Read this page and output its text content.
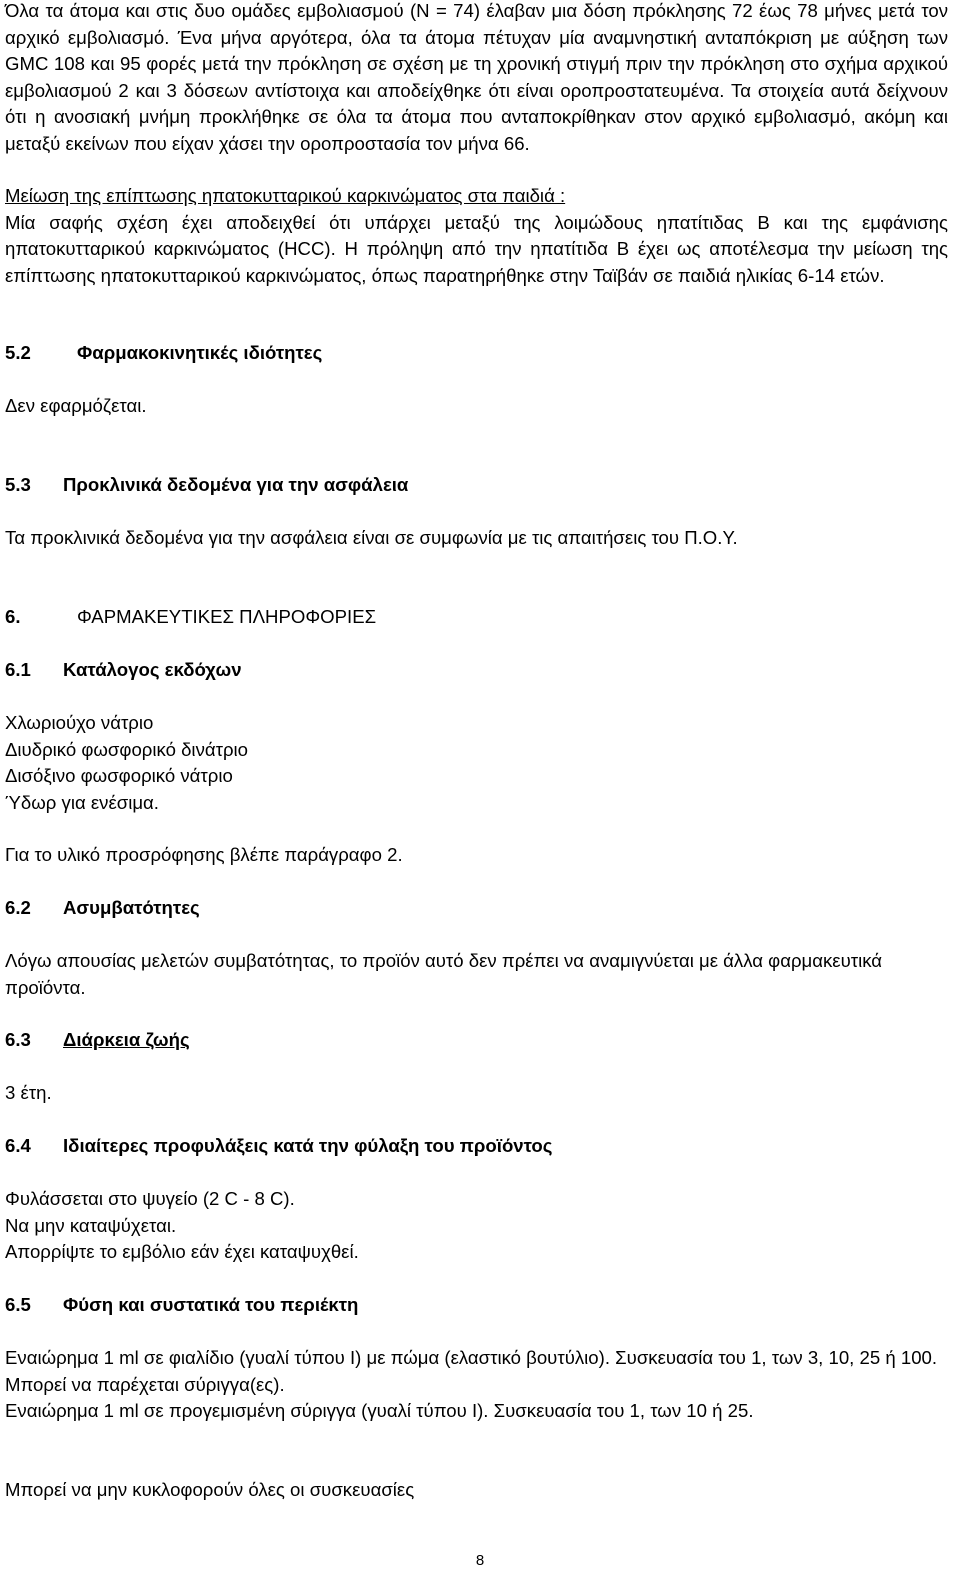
Όλα τα άτομα και στις δυο ομάδες εμβολιασμού (Ν = 74) έλαβαν μια δόση πρόκλησης 72 έως 78 μήνες μετά τον αρχικό εμβολιασμό. Ένα μήνα αργότερα, όλα τα άτομα πέτυχαν μία αναμνηστική ανταπόκριση με αύξηση των GMC 108 και 95 φορές μετά την πρόκληση σε σχέση με τη χρονική στιγμή πριν την πρόκληση στο σχήμα αρχικού εμβολιασμού 2 και 3 δόσεων αντίστοιχα και αποδείχθηκε ότι είναι οροπροστατευμένα. Τα στοιχεία αυτά δείχνουν ότι η ανοσιακή μνήμη προκλήθηκε σε όλα τα άτομα που ανταποκρίθηκαν στον αρχικό εμβολιασμό, ακόμη και μεταξύ εκείνων που είχαν χάσει την οροπροστασία τον μήνα 66.

Μείωση της επίπτωσης ηπατοκυτταρικού καρκινώματος στα παιδιά :

Μία σαφής σχέση έχει αποδειχθεί ότι υπάρχει μεταξύ της λοιμώδους ηπατίτιδας Β και της εμφάνισης ηπατοκυτταρικού καρκινώματος (HCC). Η πρόληψη από την ηπατίτιδα Β έχει ως αποτέλεσμα την μείωση της επίπτωσης ηπατοκυτταρικού καρκινώματος, όπως παρατηρήθηκε στην Ταϊβάν σε παιδιά ηλικίας 6-14 ετών.

5.2	Φαρμακοκινητικές ιδιότητες

Δεν εφαρμόζεται.

5.3	Προκλινικά δεδομένα για την ασφάλεια

Τα προκλινικά δεδομένα για την ασφάλεια είναι σε συμφωνία με τις απαιτήσεις του Π.Ο.Υ.

6.	ΦΑΡΜΑΚΕΥΤΙΚΕΣ ΠΛΗΡΟΦΟΡΙΕΣ
6.1	Κατάλογος εκδόχων
Χλωριούχο νάτριο
Διυδρικό φωσφορικό δινάτριο
Δισόξινο φωσφορικό νάτριο
Ύδωρ για ενέσιμα.

Για το υλικό προσρόφησης βλέπε παράγραφο 2.

6.2	Ασυμβατότητες

Λόγω απουσίας μελετών συμβατότητας, το προϊόν αυτό δεν πρέπει να αναμιγνύεται με άλλα φαρμακευτικά προϊόντα.

6.3	Διάρκεια ζωής

3 έτη.

6.4	Ιδιαίτερες προφυλάξεις κατά την φύλαξη του προϊόντος
Φυλάσσεται στο ψυγείο (2 C - 8 C).
Να μην καταψύχεται.
Απορρίψτε το εμβόλιο εάν έχει καταψυχθεί.
6.5	Φύση και συστατικά του περιέκτη
Εναιώρημα 1 ml σε φιαλίδιο (γυαλί τύπου Ι) με πώμα (ελαστικό βουτύλιο). Συσκευασία του 1, των 3, 10, 25 ή 100.
Μπορεί να παρέχεται σύριγγα(ες).
Εναιώρημα 1 ml σε προγεμισμένη σύριγγα (γυαλί τύπου Ι). Συσκευασία του 1, των 10 ή 25.

Μπορεί να μην κυκλοφορούν όλες οι συσκευασίες

8
